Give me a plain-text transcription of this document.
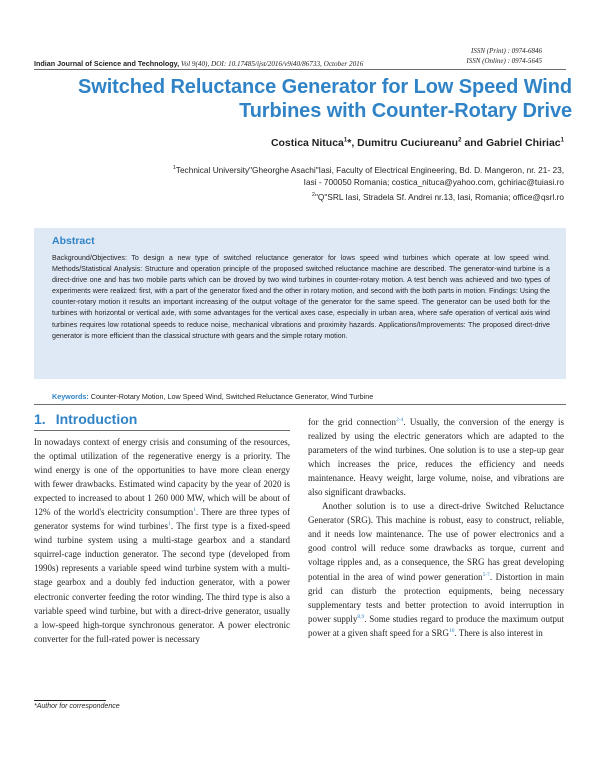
ISSN (Print) : 0974-6846
ISSN (Online) : 0974-5645
Indian Journal of Science and Technology, Vol 9(40), DOI: 10.17485/ijst/2016/v9i40/86733, October 2016
Switched Reluctance Generator for Low Speed Wind Turbines with Counter-Rotary Drive
Costica Nituca$^1$*, Dumitru Cuciureanu$^2$ and Gabriel Chiriac$^1$
$^1$Technical University"Gheorghe Asachi"Iasi, Faculty of Electrical Engineering, Bd. D. Mangeron, nr. 21- 23,
Iasi - 700050 Romania; costica_nituca@yahoo.com, gchiriac@tuiasi.ro
$^2$"Q"SRL Iasi, Stradela Sf. Andrei nr.13, Iasi, Romania; office@qsrl.ro
Abstract
Background/Objectives: To design a new type of switched reluctance generator for lows speed wind turbines which operate at low speed wind. Methods/Statistical Analysis: Structure and operation principle of the proposed switched reluctance machine are described. The generator-wind turbine is a direct-drive one and has two mobile parts which can be droved by two wind turbines in counter-rotary motion. A test bench was achieved and two types of experiments were realized: first, with a part of the generator fixed and the other in rotary motion, and second with the both parts in motion. Findings: Using the counter-rotary motion it results an important increasing of the output voltage of the generator for the same speed. The generator can be used both for the turbines with horizontal or vertical axle, with some advantages for the vertical axes case, especially in urban area, where safe operation of vertical axis wind turbines requires low rotational speeds to reduce noise, mechanical vibrations and proximity hazards. Applications/Improvements: The proposed direct-drive generator is more efficient than the classical structure with gears and the simple rotary motion.
Keywords: Counter-Rotary Motion, Low Speed Wind, Switched Reluctance Generator, Wind Turbine
1. Introduction

In nowadays context of energy crisis and consuming of the resources, the optimal utilization of the regenerative energy is a priority. The wind energy is one of the opportunities to have more clean energy with fewer drawbacks. Estimated wind capacity by the year of 2020 is expected to increased to about 1 260 000 MW, which will be about of 12% of the world's electricity consumption$^1$. There are three types of generator systems for wind turbines$^1$. The first type is a fixed-speed wind turbine system using a multi-stage gearbox and a standard squirrel-cage induction generator. The second type (developed from 1990s) represents a variable speed wind turbine system with a multi-stage gearbox and a doubly fed induction generator, with a power electronic converter feeding the rotor winding. The third type is also a variable speed wind turbine, but with a direct-drive generator, usually a low-speed high-torque synchronous generator. A power electronic converter for the full-rated power is necessary

for the grid connection$^{2-4}$. Usually, the conversion of the energy is realized by using the electric generators which are adapted to the parameters of the wind turbines. One solution is to use a step-up gear which increases the price, reduces the efficiency and needs maintenance. Heavy weight, large volume, noise, and vibrations are also significant drawbacks.

Another solution is to use a direct-drive Switched Reluctance Generator (SRG). This machine is robust, easy to construct, reliable, and it needs low maintenance. The use of power electronics and a good control will reduce some drawbacks as torque, current and voltage ripples and, as a consequence, the SRG has great developing potential in the area of wind power generation$^{5-7}$. Distortion in main grid can disturb the protection equipments, being necessary supplementary tests and better protection to avoid interruption in power supply$^{8,9}$. Some studies regard to produce the maximum output power at a given shaft speed for a SRG$^{10}$. There is also interest in

*Author for correspondence
